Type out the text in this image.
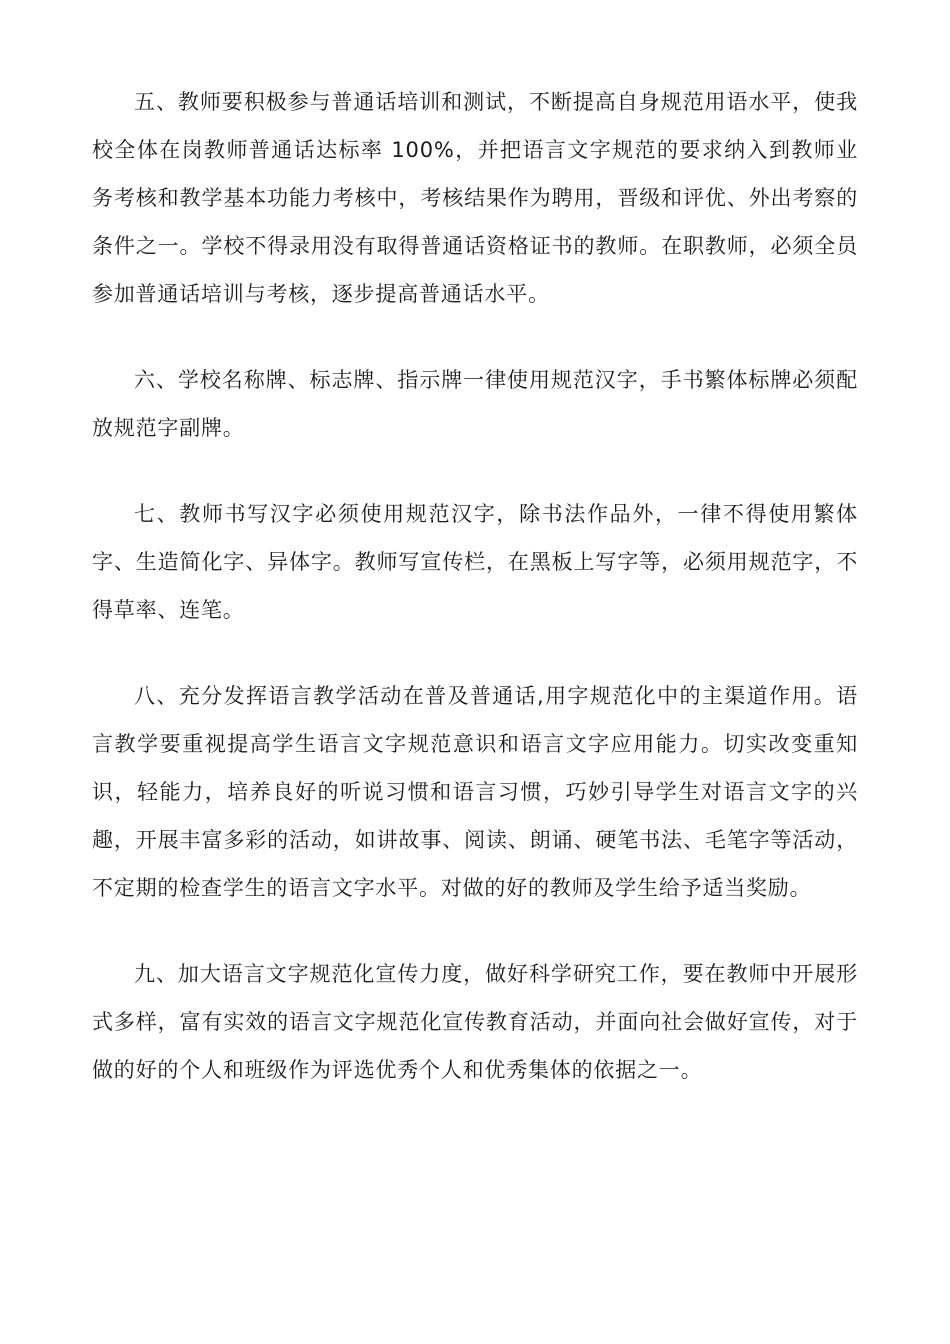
五、教师要积极参与普通话培训和测试，不断提高自身规范用语水平，使我校全体在岗教师普通话达标率 100%，并把语言文字规范的要求纳入到教师业务考核和教学基本功能力考核中，考核结果作为聘用，晋级和评优、外出考察的条件之一。学校不得录用没有取得普通话资格证书的教师。在职教师，必须全员参加普通话培训与考核，逐步提高普通话水平。

六、学校名称牌、标志牌、指示牌一律使用规范汉字，手书繁体标牌必须配放规范字副牌。

七、教师书写汉字必须使用规范汉字，除书法作品外，一律不得使用繁体字、生造简化字、异体字。教师写宣传栏，在黑板上写字等，必须用规范字，不得草率、连笔。

八、充分发挥语言教学活动在普及普通话,用字规范化中的主渠道作用。语言教学要重视提高学生语言文字规范意识和语言文字应用能力。切实改变重知识，轻能力，培养良好的听说习惯和语言习惯，巧妙引导学生对语言文字的兴趣，开展丰富多彩的活动，如讲故事、阅读、朗诵、硬笔书法、毛笔字等活动，不定期的检查学生的语言文字水平。对做的好的教师及学生给予适当奖励。

九、加大语言文字规范化宣传力度，做好科学研究工作，要在教师中开展形式多样，富有实效的语言文字规范化宣传教育活动，并面向社会做好宣传，对于做的好的个人和班级作为评选优秀个人和优秀集体的依据之一。
